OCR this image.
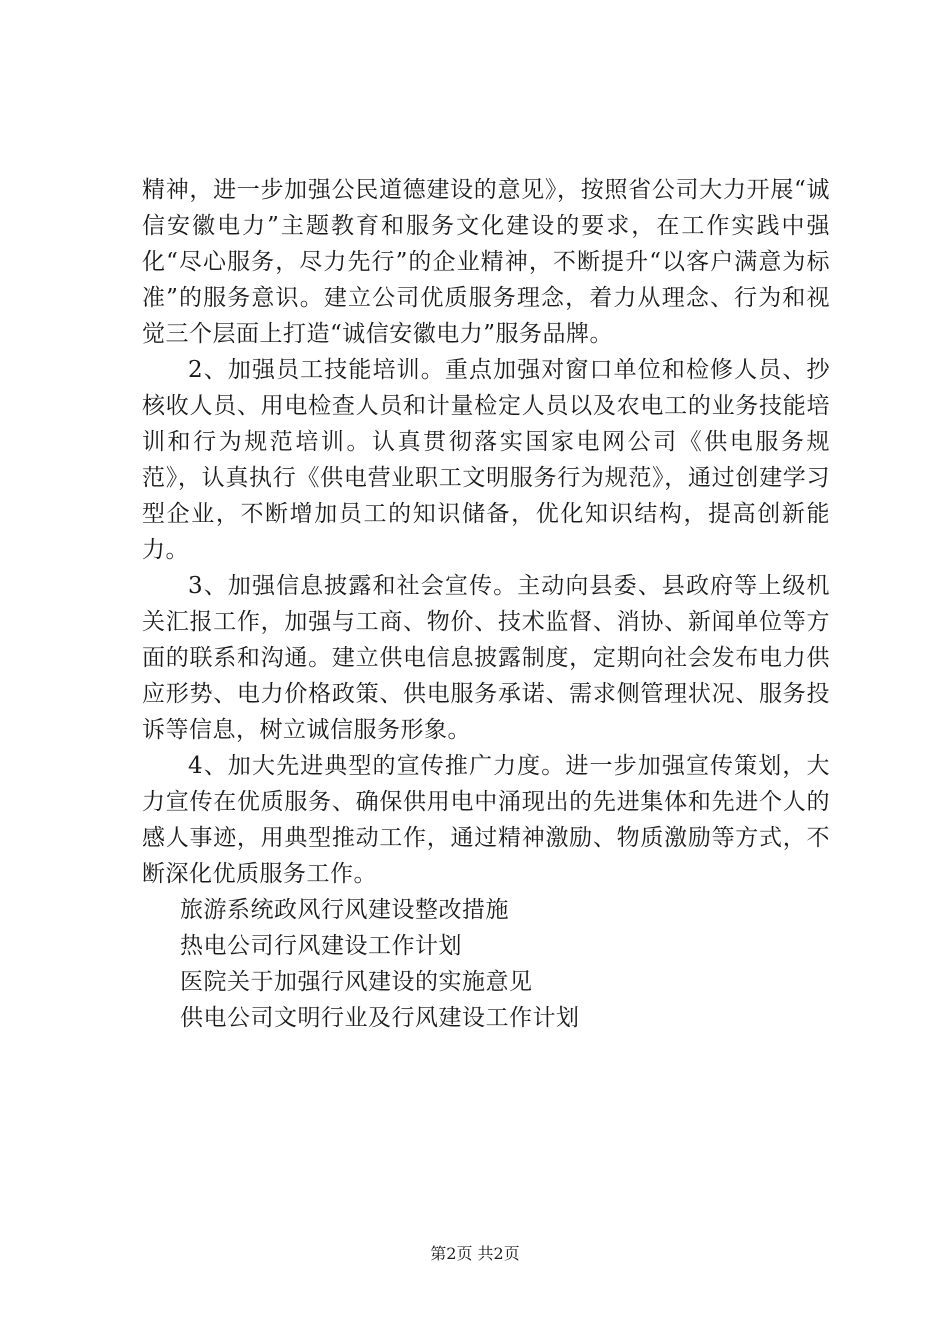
精神，进一步加强公民道德建设的意见》，按照省公司大力开展“诚信安徽电力”主题教育和服务文化建设的要求，在工作实践中强化“尽心服务，尽力先行”的企业精神，不断提升“以客户满意为标准”的服务意识。建立公司优质服务理念，着力从理念、行为和视觉三个层面上打造“诚信安徽电力”服务品牌。

2、加强员工技能培训。重点加强对窗口单位和检修人员、抄核收人员、用电检查人员和计量检定人员以及农电工的业务技能培训和行为规范培训。认真贯彻落实国家电网公司《供电服务规范》，认真执行《供电营业职工文明服务行为规范》，通过创建学习型企业，不断增加员工的知识储备，优化知识结构，提高创新能力。

3、加强信息披露和社会宣传。主动向县委、县政府等上级机关汇报工作，加强与工商、物价、技术监督、消协、新闻单位等方面的联系和沟通。建立供电信息披露制度，定期向社会发布电力供应形势、电力价格政策、供电服务承诺、需求侧管理状况、服务投诉等信息，树立诚信服务形象。

4、加大先进典型的宣传推广力度。进一步加强宣传策划，大力宣传在优质服务、确保供用电中涌现出的先进集体和先进个人的感人事迹，用典型推动工作，通过精神激励、物质激励等方式，不断深化优质服务工作。

旅游系统政风行风建设整改措施

热电公司行风建设工作计划

医院关于加强行风建设的实施意见

供电公司文明行业及行风建设工作计划

第2页 共2页
